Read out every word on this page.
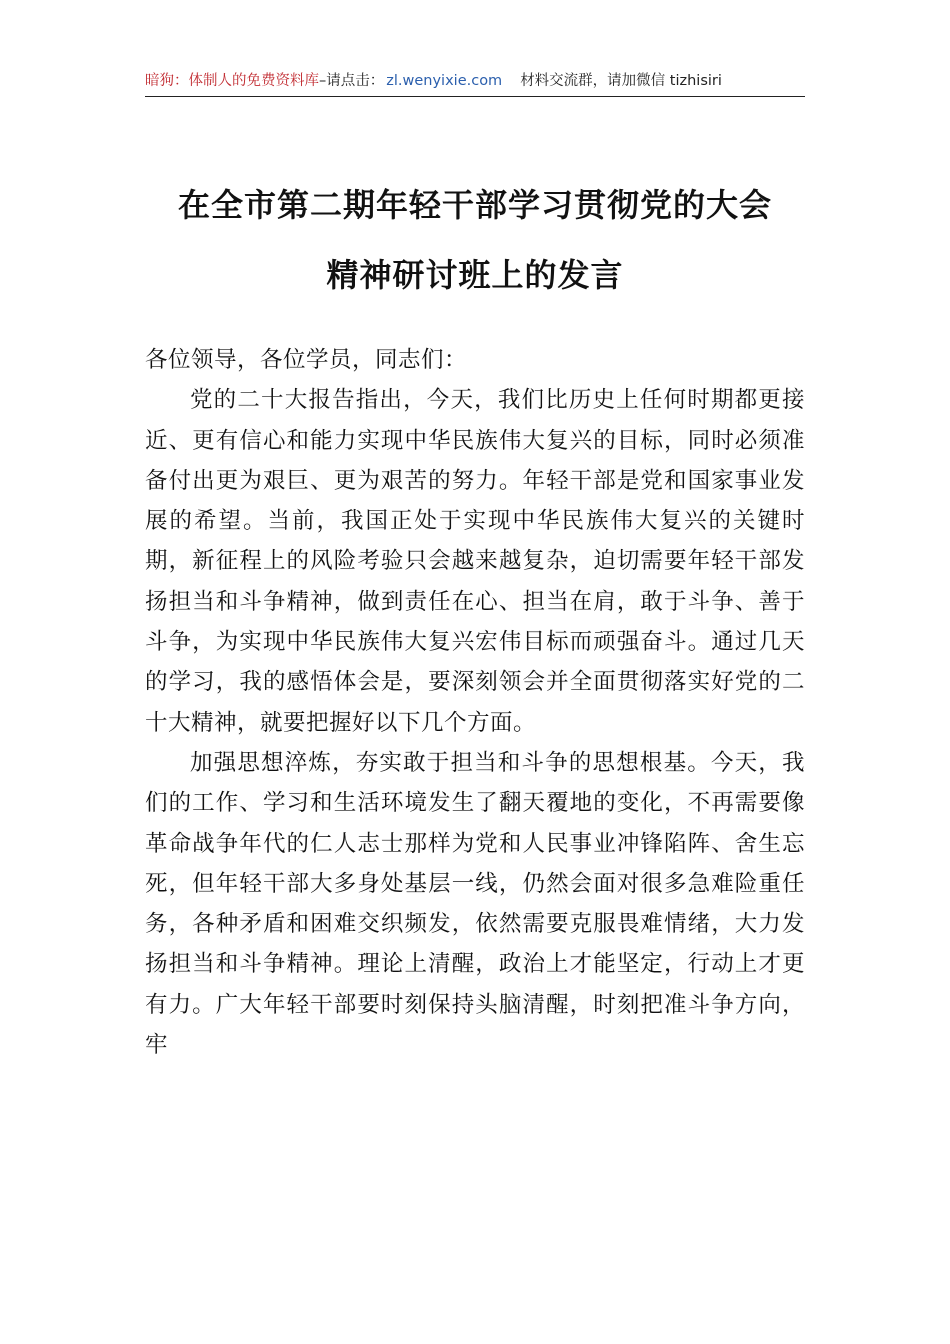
暗狗：体制人的免费资料库 –请点击： zl.wenyixie.com 材料交流群，请加微信 tizhisiri
在全市第二期年轻干部学习贯彻党的大会
精神研讨班上的发言

各位领导，各位学员，同志们：

党的二十大报告指出，今天，我们比历史上任何时期都更接近、更有信心和能力实现中华民族伟大复兴的目标，同时必须准备付出更为艰巨、更为艰苦的努力。年轻干部是党和国家事业发展的希望。当前，我国正处于实现中华民族伟大复兴的关键时期，新征程上的风险考验只会越来越复杂，迫切需要年轻干部发扬担当和斗争精神，做到责任在心、担当在肩，敢于斗争、善于斗争，为实现中华民族伟大复兴宏伟目标而顽强奋斗。通过几天的学习，我的感悟体会是，要深刻领会并全面贯彻落实好党的二十大精神，就要把握好以下几个方面。

加强思想淬炼，夯实敢于担当和斗争的思想根基。今天，我们的工作、学习和生活环境发生了翻天覆地的变化，不再需要像革命战争年代的仁人志士那样为党和人民事业冲锋陷阵、舍生忘死，但年轻干部大多身处基层一线，仍然会面对很多急难险重任务，各种矛盾和困难交织频发，依然需要克服畏难情绪，大力发扬担当和斗争精神。理论上清醒，政治上才能坚定，行动上才更有力。广大年轻干部要时刻保持头脑清醒，时刻把准斗争方向，牢
